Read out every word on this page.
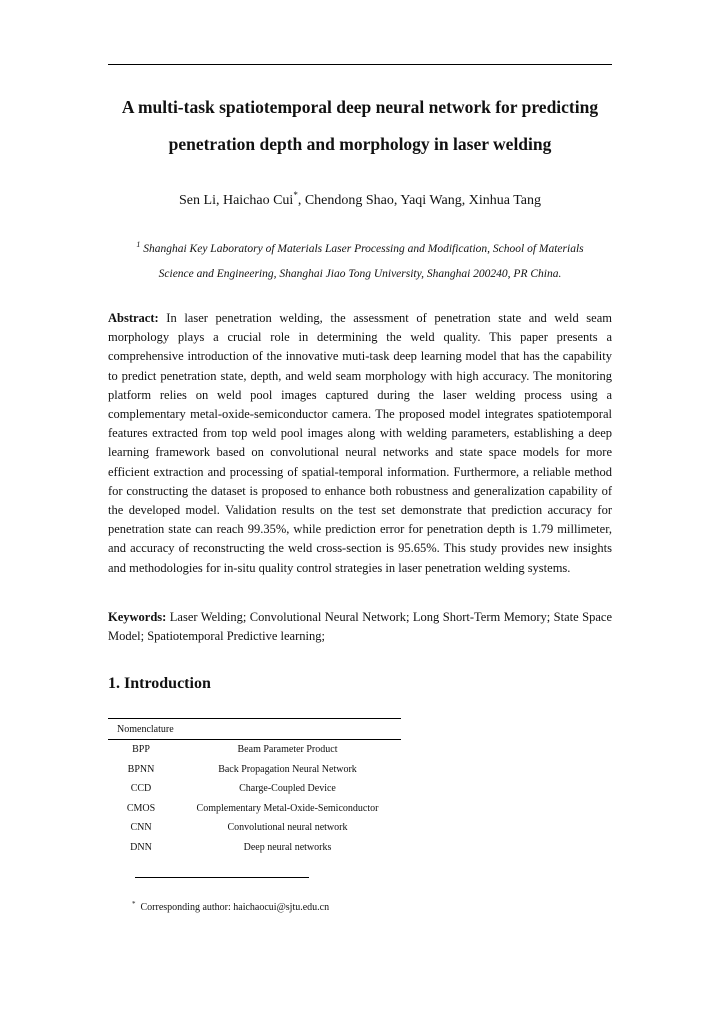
A multi-task spatiotemporal deep neural network for predicting
penetration depth and morphology in laser welding
Sen Li, Haichao Cui*, Chendong Shao, Yaqi Wang, Xinhua Tang
$^1$ Shanghai Key Laboratory of Materials Laser Processing and Modification, School of Materials
Science and Engineering, Shanghai Jiao Tong University, Shanghai 200240, PR China.

Abstract: In laser penetration welding, the assessment of penetration state and weld seam morphology plays a crucial role in determining the weld quality. This paper presents a comprehensive introduction of the innovative muti-task deep learning model that has the capability to predict penetration state, depth, and weld seam morphology with high accuracy. The monitoring platform relies on weld pool images captured during the laser welding process using a complementary metal-oxide-semiconductor camera. The proposed model integrates spatiotemporal features extracted from top weld pool images along with welding parameters, establishing a deep learning framework based on convolutional neural networks and state space models for more efficient extraction and processing of spatial-temporal information. Furthermore, a reliable method for constructing the dataset is proposed to enhance both robustness and generalization capability of the developed model. Validation results on the test set demonstrate that prediction accuracy for penetration state can reach 99.35%, while prediction error for penetration depth is 1.79 millimeter, and accuracy of reconstructing the weld cross-section is 95.65%. This study provides new insights and methodologies for in-situ quality control strategies in laser penetration welding systems.

Keywords: Laser Welding; Convolutional Neural Network; Long Short-Term Memory; State Space Model; Spatiotemporal Predictive learning;

1. Introduction
Nomenclature
BPP	Beam Parameter Product
BPNN	Back Propagation Neural Network
CCD	Charge-Coupled Device
CMOS	Complementary Metal-Oxide-Semiconductor
CNN	Convolutional neural network
DNN	Deep neural networks
* Corresponding author: haichaocui@sjtu.edu.cn
